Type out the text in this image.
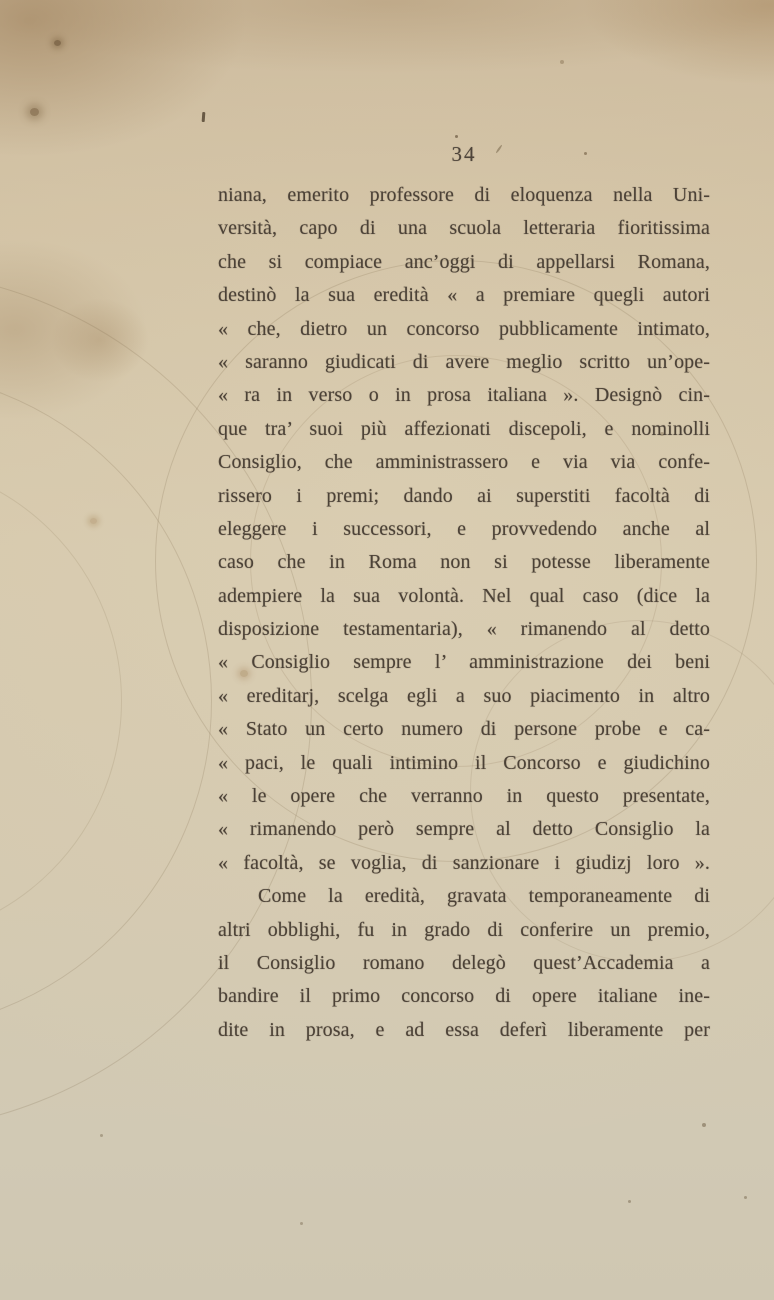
34
niana, emerito professore di eloquenza nella Uni-
versità, capo di una scuola letteraria fioritissima
che si compiace anc’oggi di appellarsi Romana,
destinò la sua eredità « a premiare quegli autori
« che, dietro un concorso pubblicamente intimato,
« saranno giudicati di avere meglio scritto un’ope-
« ra in verso o in prosa italiana ». Designò cin-
que tra’ suoi più affezionati discepoli, e nominolli
Consiglio, che amministrassero e via via confe-
rissero i premi; dando ai superstiti facoltà di
eleggere i successori, e provvedendo anche al
caso che in Roma non si potesse liberamente
adempiere la sua volontà. Nel qual caso (dice la
disposizione testamentaria), « rimanendo al detto
« Consiglio sempre l’ amministrazione dei beni
« ereditarj, scelga egli a suo piacimento in altro
« Stato un certo numero di persone probe e ca-
« paci, le quali intimino il Concorso e giudichino
« le opere che verranno in questo presentate,
« rimanendo però sempre al detto Consiglio la
« facoltà, se voglia, di sanzionare i giudizj loro ».
Come la eredità, gravata temporaneamente di
altri obblighi, fu in grado di conferire un premio,
il Consiglio romano delegò quest’Accademia a
bandire il primo concorso di opere italiane ine-
dite in prosa, e ad essa deferì liberamente per
